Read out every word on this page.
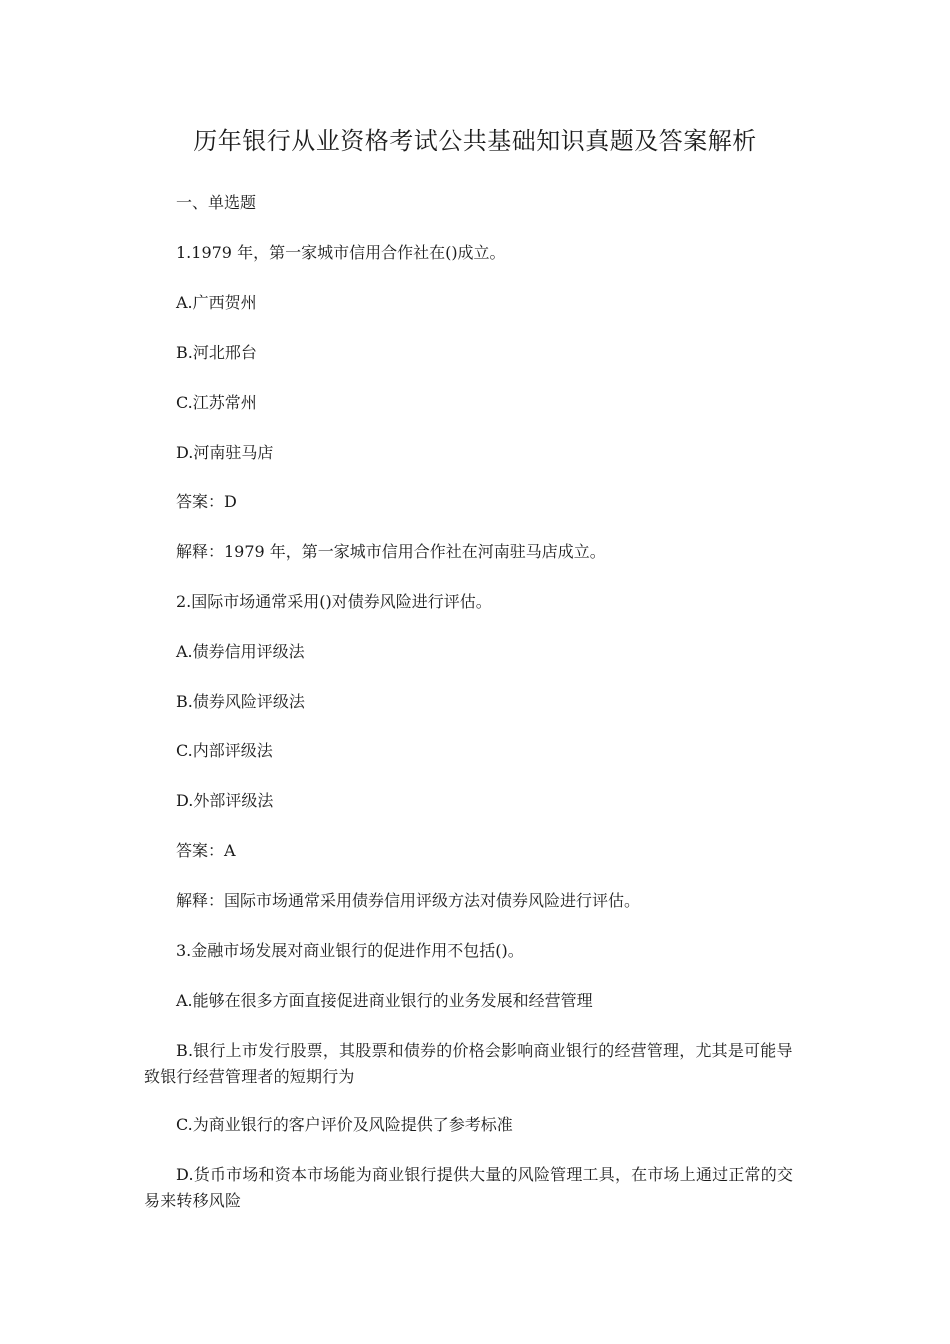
历年银行从业资格考试公共基础知识真题及答案解析

一、单选题

1.1979 年，第一家城市信用合作社在()成立。

A.广西贺州

B.河北邢台

C.江苏常州

D.河南驻马店

答案：D

解释：1979 年，第一家城市信用合作社在河南驻马店成立。

2.国际市场通常采用()对债券风险进行评估。

A.债券信用评级法

B.债券风险评级法

C.内部评级法

D.外部评级法

答案：A

解释：国际市场通常采用债券信用评级方法对债券风险进行评估。

3.金融市场发展对商业银行的促进作用不包括()。

A.能够在很多方面直接促进商业银行的业务发展和经营管理

B.银行上市发行股票，其股票和债券的价格会影响商业银行的经营管理，尤其是可能导致银行经营管理者的短期行为

C.为商业银行的客户评价及风险提供了参考标准

D.货币市场和资本市场能为商业银行提供大量的风险管理工具，在市场上通过正常的交易来转移风险
